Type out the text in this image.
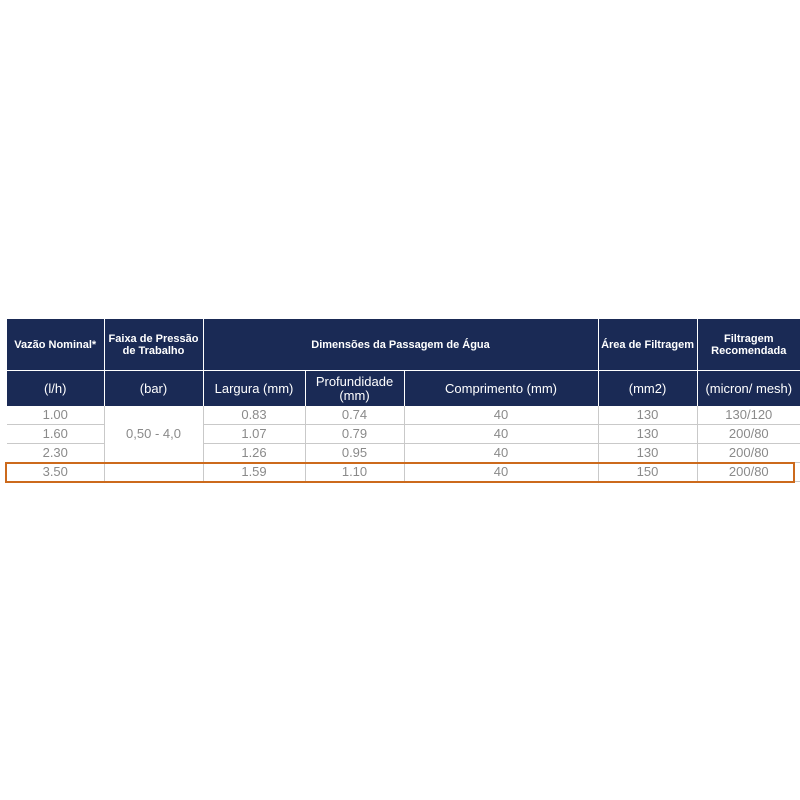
Vazão Nominal*	Faixa de Pressão de Trabalho	Dimensões da Passagem de Água			Área de Filtragem	Filtragem Recomendada
(l/h)	(bar)	Largura (mm)	Profundidade (mm)	Comprimento (mm)	(mm2)	(micron/ mesh)
1.00	0,50 - 4,0	0.83	0.74	40	130	130/120
1.60		1.07	0.79	40	130	200/80
2.30		1.26	0.95	40	130	200/80
3.50		1.59	1.10	40	150	200/80
